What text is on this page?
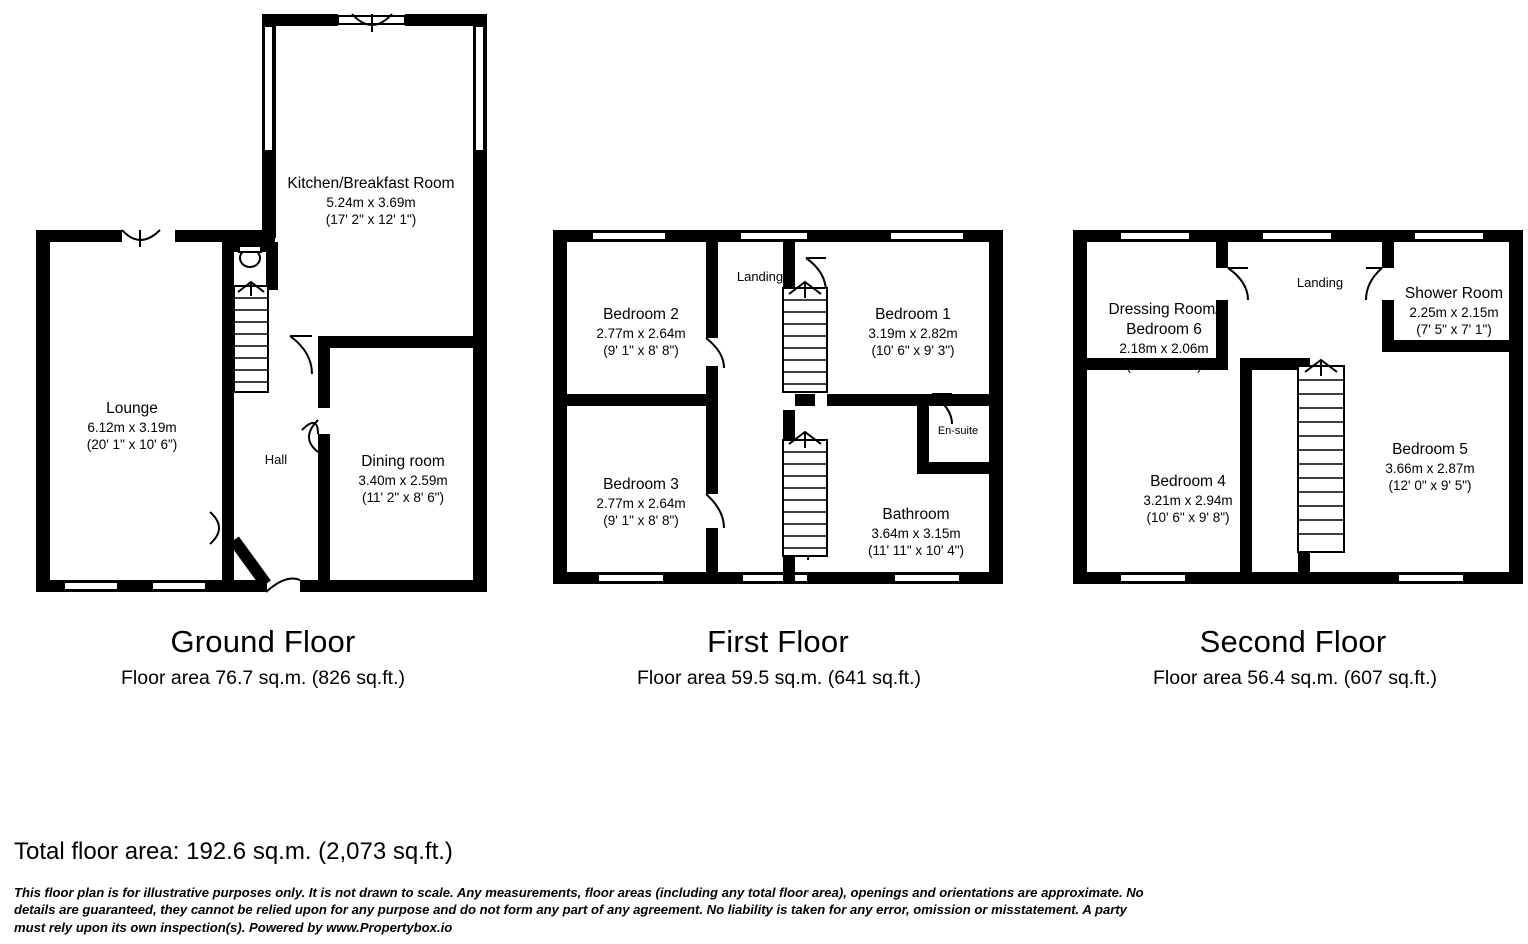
Kitchen/Breakfast Room
5.24m x 3.69m
(17' 2" x 12' 1")
Lounge
6.12m x 3.19m
(20' 1" x 10' 6")
Dining room
3.40m x 2.59m
(11' 2" x 8' 6")
Hall
Ground Floor
Floor area 76.7 sq.m. (826 sq.ft.)
Landing
Bedroom 2
2.77m x 2.64m
(9' 1" x 8' 8")
Bedroom 1
3.19m x 2.82m
(10' 6" x 9' 3")
Bedroom 3
2.77m x 2.64m
(9' 1" x 8' 8")
En-suite
Bathroom
3.64m x 3.15m
(11' 11" x 10' 4")
First Floor
Floor area 59.5 sq.m. (641 sq.ft.)
Landing
Dressing Room/
Bedroom 6
2.18m x 2.06m
(7' 2" x 6' 9")
Shower Room
2.25m x 2.15m
(7' 5" x 7' 1")
Bedroom 4
3.21m x 2.94m
(10' 6" x 9' 8")
Bedroom 5
3.66m x 2.87m
(12' 0" x 9' 5")
Second Floor
Floor area 56.4 sq.m. (607 sq.ft.)
Total floor area: 192.6 sq.m. (2,073 sq.ft.)
This floor plan is for illustrative purposes only. It is not drawn to scale. Any measurements, floor areas (including any total floor area), openings and orientations are approximate. No details are guaranteed, they cannot be relied upon for any purpose and do not form any part of any agreement. No liability is taken for any error, omission or misstatement. A party must rely upon its own inspection(s). Powered by www.Propertybox.io
